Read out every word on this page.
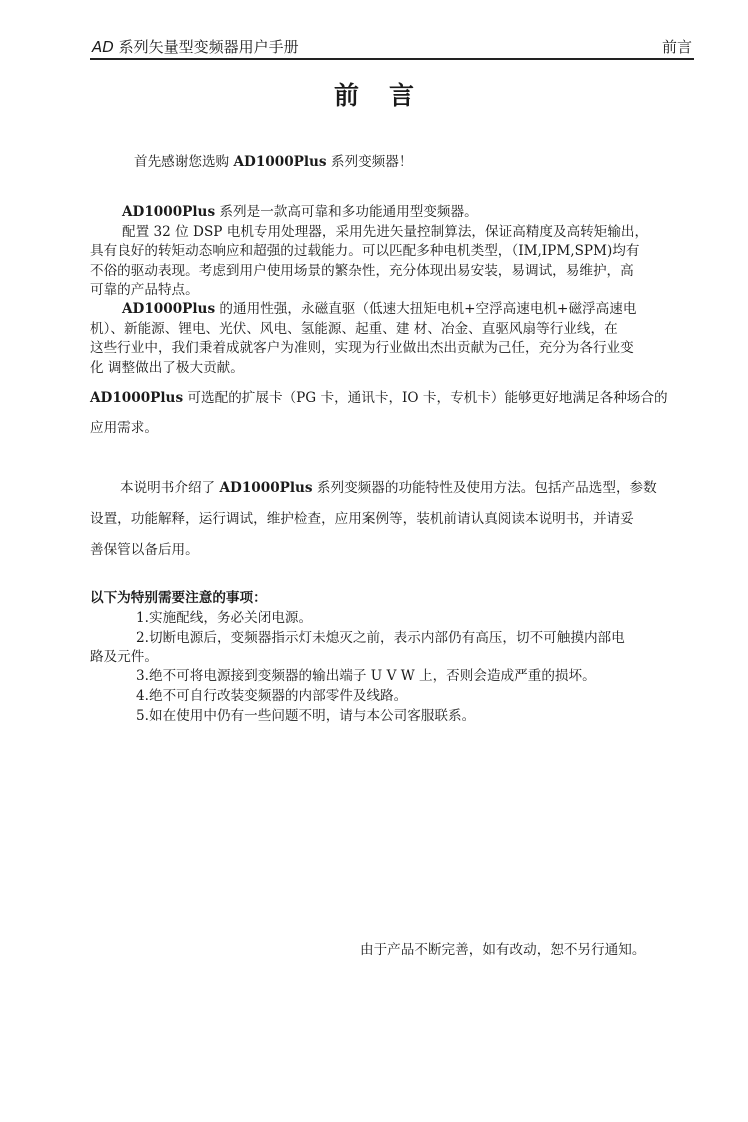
AD 系列矢量型变频器用户手册	前言
前言
首先感谢您选购 AD1000Plus 系列变频器！
AD1000Plus 系列是一款高可靠和多功能通用型变频器。
配置 32 位 DSP 电机专用处理器，采用先进矢量控制算法，保证高精度及高转矩输出，
具有良好的转矩动态响应和超强的过载能力。可以匹配多种电机类型，（IM,IPM,SPM)均有
不俗的驱动表现。考虑到用户使用场景的繁杂性，充分体现出易安装，易调试，易维护，高
可靠的产品特点。
AD1000Plus 的通用性强，永磁直驱（低速大扭矩电机+空浮高速电机+磁浮高速电
机）、新能源、锂电、光伏、风电、氢能源、起重、建 材、冶金、直驱风扇等行业线，在
这些行业中，我们秉着成就客户为准则，实现为行业做出杰出贡献为己任，充分为各行业变
化 调整做出了极大贡献。
AD1000Plus 可选配的扩展卡（PG 卡，通讯卡，IO 卡，专机卡）能够更好地满足各种场合的
应用需求。
本说明书介绍了 AD1000Plus 系列变频器的功能特性及使用方法。包括产品选型，参数
设置，功能解释，运行调试，维护检查，应用案例等，装机前请认真阅读本说明书，并请妥
善保管以备后用。
以下为特别需要注意的事项：
1.实施配线，务必关闭电源。
2.切断电源后，变频器指示灯未熄灭之前，表示内部仍有高压，切不可触摸内部电
路及元件。
3.绝不可将电源接到变频器的输出端子 U V W 上，否则会造成严重的损坏。
4.绝不可自行改装变频器的内部零件及线路。
5.如在使用中仍有一些问题不明，请与本公司客服联系。
由于产品不断完善，如有改动，恕不另行通知。
